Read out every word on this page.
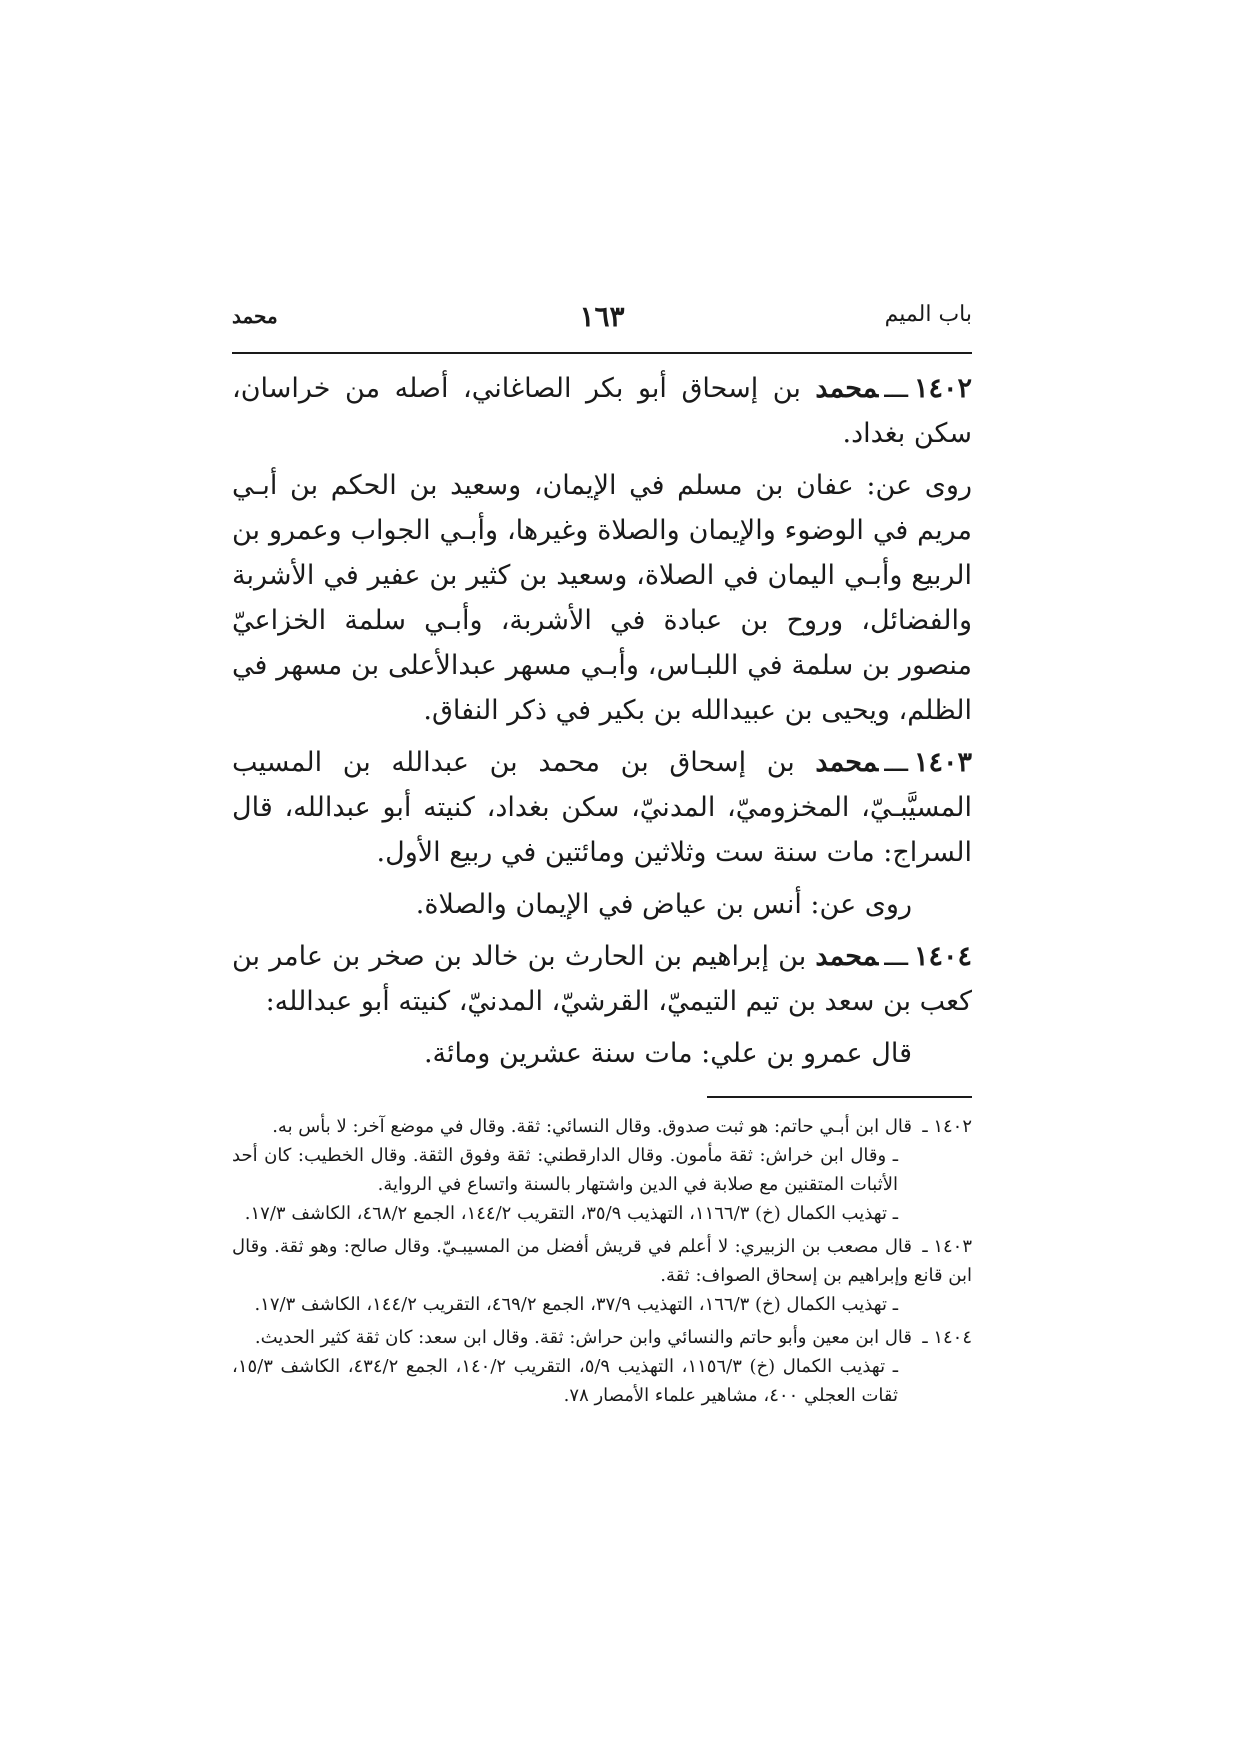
باب الميم
١٦٣
محمد

١٤٠٢ـــمحمد بن إسحاق أبو بكر الصاغاني، أصله من خراسان، سكن بغداد.

روى عن: عفان بن مسلم في الإيمان، وسعيد بن الحكم بن أبـي مريم في الوضوء والإيمان والصلاة وغيرها، وأبـي الجواب وعمرو بن الربيع وأبـي اليمان في الصلاة، وسعيد بن كثير بن عفير في الأشربة والفضائل، وروح بن عبادة في الأشربة، وأبـي سلمة الخزاعيّ منصور بن سلمة في اللبـاس، وأبـي مسهر عبدالأعلى بن مسهر في الظلم، ويحيى بن عبيدالله بن بكير في ذكر النفاق.

١٤٠٣ـــمحمد بن إسحاق بن محمد بن عبدالله بن المسيب المسيَّبـيّ، المخزوميّ، المدنيّ، سكن بغداد، كنيته أبو عبدالله، قال السراج: مات سنة ست وثلاثين ومائتين في ربيع الأول.

روى عن: أنس بن عياض في الإيمان والصلاة.

١٤٠٤ـــمحمد بن إبراهيم بن الحارث بن خالد بن صخر بن عامر بن كعب بن سعد بن تيم التيميّ، القرشيّ، المدنيّ، كنيته أبو عبدالله:

قال عمرو بن علي: مات سنة عشرين ومائة.

١٤٠٢ ـقال ابن أبـي حاتم: هو ثبت صدوق. وقال النسائي: ثقة. وقال في موضع آخر: لا بأس به.
ـ وقال ابن خراش: ثقة مأمون. وقال الدارقطني: ثقة وفوق الثقة. وقال الخطيب: كان أحد الأثبات المتقنين مع صلابة في الدين واشتهار بالسنة واتساع في الرواية.
ـ تهذيب الكمال (خ) ١١٦٦/٣، التهذيب ٣٥/٩، التقريب ١٤٤/٢، الجمع ٤٦٨/٢، الكاشف ١٧/٣.
١٤٠٣ ـقال مصعب بن الزبيري: لا أعلم في قريش أفضل من المسيبـيّ. وقال صالح: وهو ثقة. وقال ابن قانع وإبراهيم بن إسحاق الصواف: ثقة.
ـ تهذيب الكمال (خ) ١٦٦/٣، التهذيب ٣٧/٩، الجمع ٤٦٩/٢، التقريب ١٤٤/٢، الكاشف ١٧/٣.
١٤٠٤ ـقال ابن معين وأبو حاتم والنسائي وابن حراش: ثقة. وقال ابن سعد: كان ثقة كثير الحديث.
ـ تهذيب الكمال (خ) ١١٥٦/٣، التهذيب ٥/٩، التقريب ١٤٠/٢، الجمع ٤٣٤/٢، الكاشف ١٥/٣، ثقات العجلي ٤٠٠، مشاهير علماء الأمصار ٧٨.
